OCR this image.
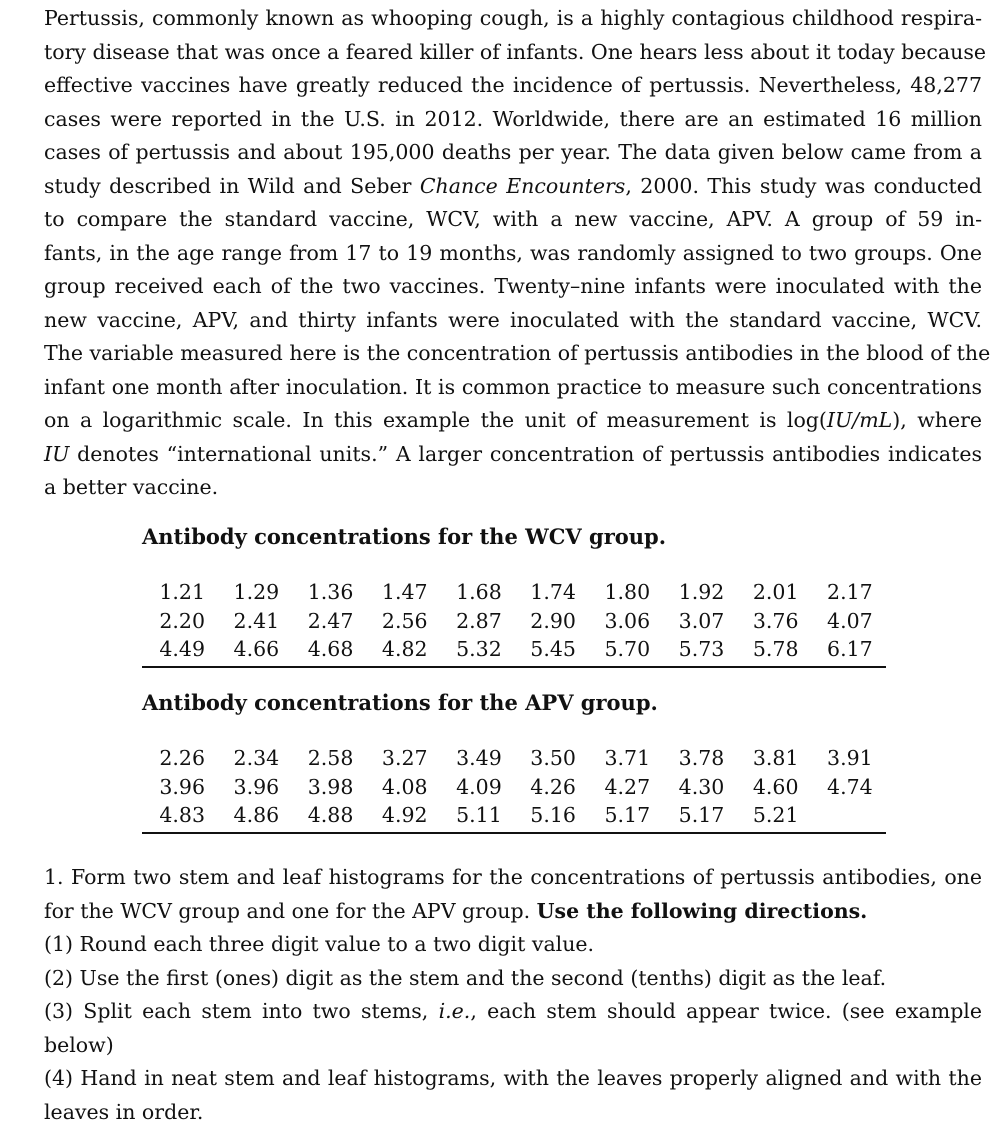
Pertussis, commonly known as whooping cough, is a highly contagious childhood respira-
tory disease that was once a feared killer of infants. One hears less about it today because
effective vaccines have greatly reduced the incidence of pertussis. Nevertheless, 48,277
cases were reported in the U.S. in 2012. Worldwide, there are an estimated 16 million
cases of pertussis and about 195,000 deaths per year. The data given below came from a
study described in Wild and Seber Chance Encounters, 2000. This study was conducted
to compare the standard vaccine, WCV, with a new vaccine, APV. A group of 59 in-
fants, in the age range from 17 to 19 months, was randomly assigned to two groups. One
group received each of the two vaccines. Twenty–nine infants were inoculated with the
new vaccine, APV, and thirty infants were inoculated with the standard vaccine, WCV.
The variable measured here is the concentration of pertussis antibodies in the blood of the
infant one month after inoculation. It is common practice to measure such concentrations
on a logarithmic scale. In this example the unit of measurement is log(IU/mL), where
IU denotes “international units.” A larger concentration of pertussis antibodies indicates
a better vaccine.
Antibody concentrations for the WCV group.
1.21	1.29	1.36	1.47	1.68	1.74	1.80	1.92	2.01	2.17
2.20	2.41	2.47	2.56	2.87	2.90	3.06	3.07	3.76	4.07
4.49	4.66	4.68	4.82	5.32	5.45	5.70	5.73	5.78	6.17
Antibody concentrations for the APV group.
2.26	2.34	2.58	3.27	3.49	3.50	3.71	3.78	3.81	3.91
3.96	3.96	3.98	4.08	4.09	4.26	4.27	4.30	4.60	4.74
4.83	4.86	4.88	4.92	5.11	5.16	5.17	5.17	5.21
1. Form two stem and leaf histograms for the concentrations of pertussis antibodies, one
for the WCV group and one for the APV group. Use the following directions.
(1) Round each three digit value to a two digit value.
(2) Use the first (ones) digit as the stem and the second (tenths) digit as the leaf.
(3) Split each stem into two stems, i.e., each stem should appear twice. (see example
below)
(4) Hand in neat stem and leaf histograms, with the leaves properly aligned and with the
leaves in order.
